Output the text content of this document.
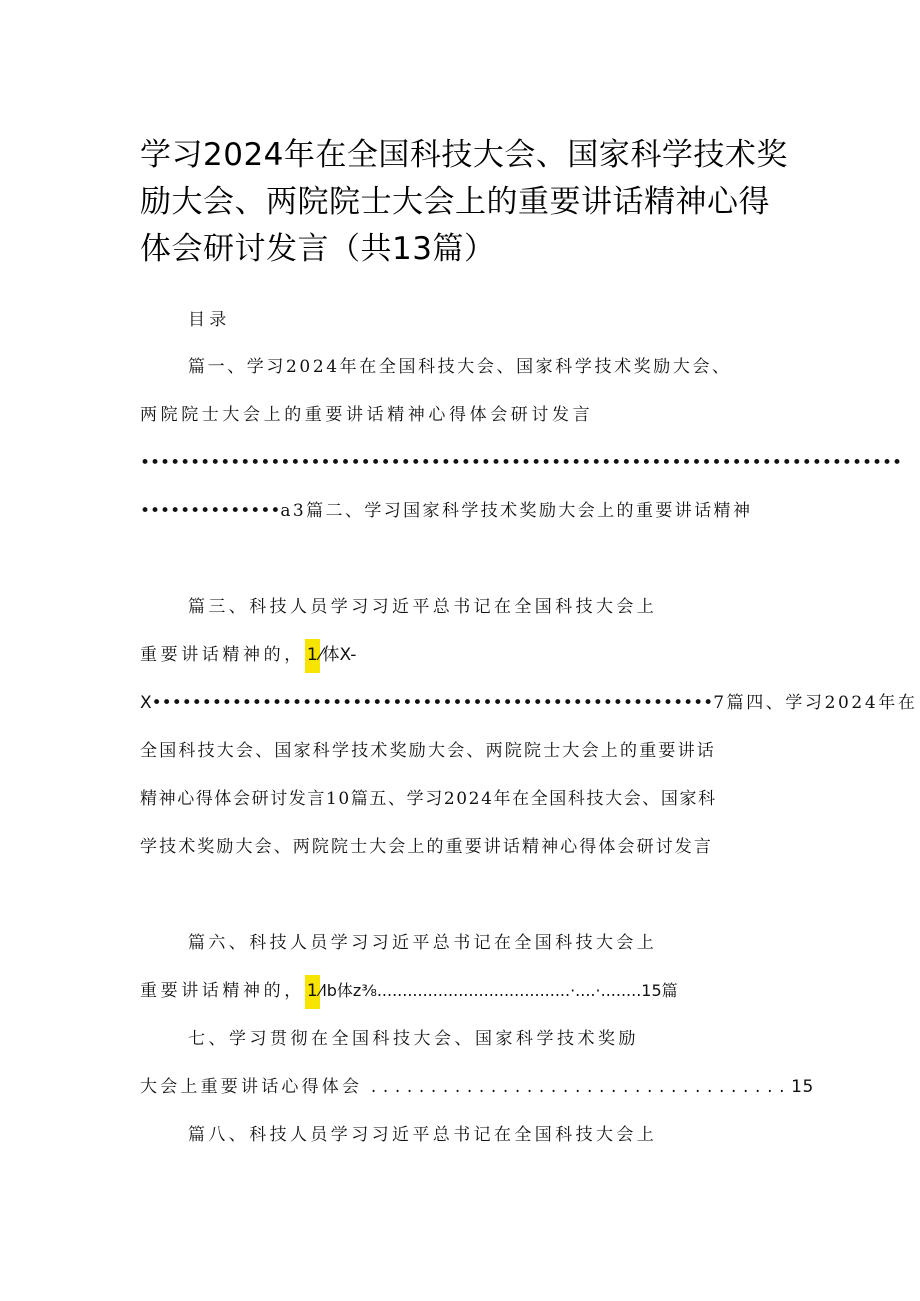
学习2024年在全国科技大会、国家科学技术奖
励大会、两院院士大会上的重要讲话精神心得
体会研讨发言（共13篇）
目录
篇一、学习2024年在全国科技大会、国家科学技术奖励大会、
两院院士大会上的重要讲话精神心得体会研讨发言
••••••••••••••••••••••••••••••••••••••••••••••••••••••••••••••••••••••••••••
••••••••••••••a3篇二、学习国家科学技术奖励大会上的重要讲话精神
篇三、科技人员学习习近平总书记在全国科技大会上
重要讲话精神的， 1 ⁄体X-
X••••••••••••••••••••••••••••••••••••••••••••••••••••••••7篇四、学习2024年在
全国科技大会、国家科学技术奖励大会、两院院士大会上的重要讲话
精神心得体会研讨发言10篇五、学习2024年在全国科技大会、国家科
学技术奖励大会、两院院士大会上的重要讲话精神心得体会研讨发言
篇六、科技人员学习习近平总书记在全国科技大会上
重要讲话精神的， 1 ⁄lb体z⅜......................................·....·........15篇
七、学习贯彻在全国科技大会、国家科学技术奖励
大会上重要讲话心得体会 . . . . . . . . . . . . . . . . . . . . . . . . . . . . . . . . . . . 15
篇八、科技人员学习习近平总书记在全国科技大会上
